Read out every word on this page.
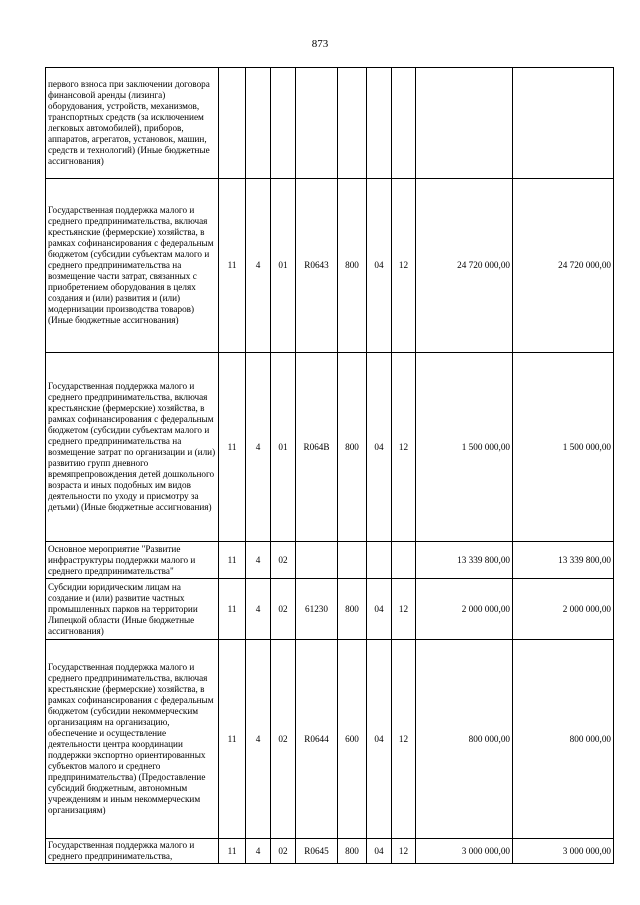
873
первого взноса при заключении договора финансовой аренды (лизинга) оборудования, устройств, механизмов, транспортных средств (за исключением легковых автомобилей), приборов, аппаратов, агрегатов, установок, машин, средств и технологий) (Иные бюджетные ассигнования)									
Государственная поддержка малого и среднего предпринимательства, включая крестьянские (фермерские) хозяйства, в рамках софинансирования с федеральным бюджетом (субсидии субъектам малого и среднего предпринимательства на возмещение части затрат, связанных с приобретением оборудования в целях создания и (или) развития и (или) модернизации производства товаров) (Иные бюджетные ассигнования)	11	4	01	R0643	800	04	12	24 720 000,00	24 720 000,00
Государственная поддержка малого и среднего предпринимательства, включая крестьянские (фермерские) хозяйства, в рамках софинансирования с федеральным бюджетом (субсидии субъектам малого и среднего предпринимательства на возмещение затрат по организации и (или) развитию групп дневного времяпрепровождения детей дошкольного возраста и иных подобных им видов деятельности по уходу и присмотру за детьми) (Иные бюджетные ассигнования)	11	4	01	R064B	800	04	12	1 500 000,00	1 500 000,00
Основное мероприятие "Развитие инфраструктуры поддержки малого и среднего предпринимательства"	11	4	02					13 339 800,00	13 339 800,00
Субсидии юридическим лицам на создание и (или) развитие частных промышленных парков на территории Липецкой области (Иные бюджетные ассигнования)	11	4	02	61230	800	04	12	2 000 000,00	2 000 000,00
Государственная поддержка малого и среднего предпринимательства, включая крестьянские (фермерские) хозяйства, в рамках софинансирования с федеральным бюджетом (субсидии некоммерческим организациям на организацию, обеспечение и осуществление деятельности центра координации поддержки экспортно ориентированных субъектов малого и среднего предпринимательства) (Предоставление субсидий бюджетным, автономным учреждениям и иным некоммерческим организациям)	11	4	02	R0644	600	04	12	800 000,00	800 000,00
Государственная поддержка малого и среднего предпринимательства,	11	4	02	R0645	800	04	12	3 000 000,00	3 000 000,00
